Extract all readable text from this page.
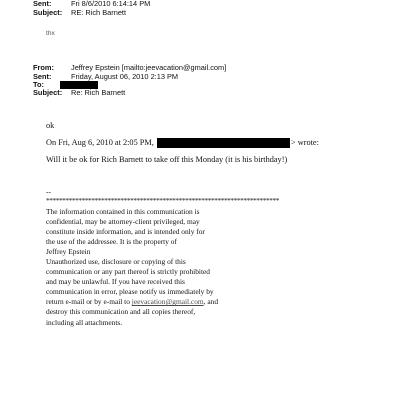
Sent:	Fri 8/6/2010 6:14:14 PM
Subject: RE: Rich Barnett
thx
From: Jeffrey Epstein [mailto:jeevacation@gmail.com]
Sent:	Friday, August 06, 2010 2:13 PM
To:
Subject: Re: Rich Barnett
ok
On Fri, Aug 6, 2010 at 2:05 PM,	> wrote:
Will it be ok for Rich Barnett to take off this Monday (it is his birthday!)
--
************************************************************************
The information contained in this communication is
confidential, may be attorney-client privileged, may
constitute inside information, and is intended only for
the use of the addressee. It is the property of
Jeffrey Epstein
Unauthorized use, disclosure or copying of this
communication or any part thereof is strictly prohibited
and may be unlawful. If you have received this
communication in error, please notify us immediately by
return e-mail or by e-mail to jeevacation@gmail.com, and
destroy this communication and all copies thereof,
including all attachments.
